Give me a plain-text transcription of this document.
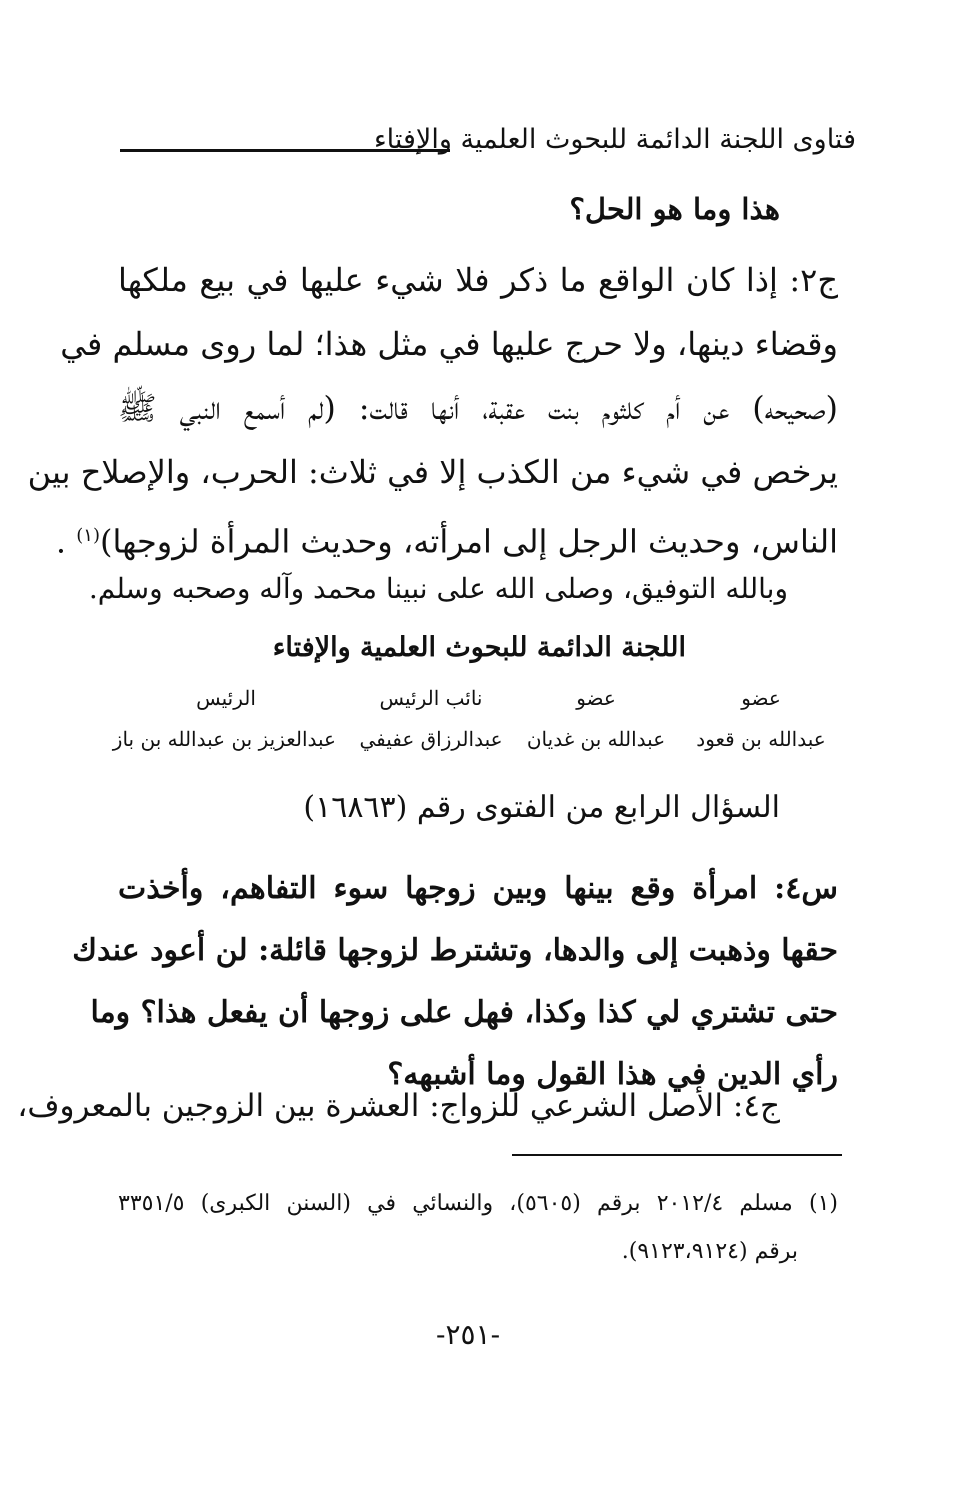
فتاوى اللجنة الدائمة للبحوث العلمية والإفتاء
هذا وما هو الحل؟
ج٢: إذا كان الواقع ما ذكر فلا شيء عليها في بيع ملكها
وقضاء دينها، ولا حرج عليها في مثل هذا؛ لما روى مسلم في
(صحيحه) عن أم كلثوم بنت عقبة، أنها قالت: (لم أسمع النبي ﷺ
يرخص في شيء من الكذب إلا في ثلاث: الحرب، والإصلاح بين
الناس، وحديث الرجل إلى امرأته، وحديث المرأة لزوجها)$^{(١)}$ .
وبالله التوفيق، وصلى الله على نبينا محمد وآله وصحبه وسلم.
اللجنة الدائمة للبحوث العلمية والإفتاء
عضو
عضو
نائب الرئيس
الرئيس
عبدالله بن قعود
عبدالله بن غديان
عبدالرزاق عفيفي
عبدالعزيز بن عبدالله بن باز
السؤال الرابع من الفتوى رقم (١٦٨٦٣)
س٤: امرأة وقع بينها وبين زوجها سوء التفاهم، وأخذت
حقها وذهبت إلى والدها، وتشترط لزوجها قائلة: لن أعود عندك
حتى تشتري لي كذا وكذا، فهل على زوجها أن يفعل هذا؟ وما
رأي الدين في هذا القول وما أشبهه؟
ج٤: الأصل الشرعي للزواج: العشرة بين الزوجين بالمعروف،
(١) مسلم ٢٠١٢/٤ برقم (٥٦٠٥)، والنسائي في (السنن الكبرى) ٣٣٥١/٥
برقم (٩١٢٣،٩١٢٤).
-٢٥١-
